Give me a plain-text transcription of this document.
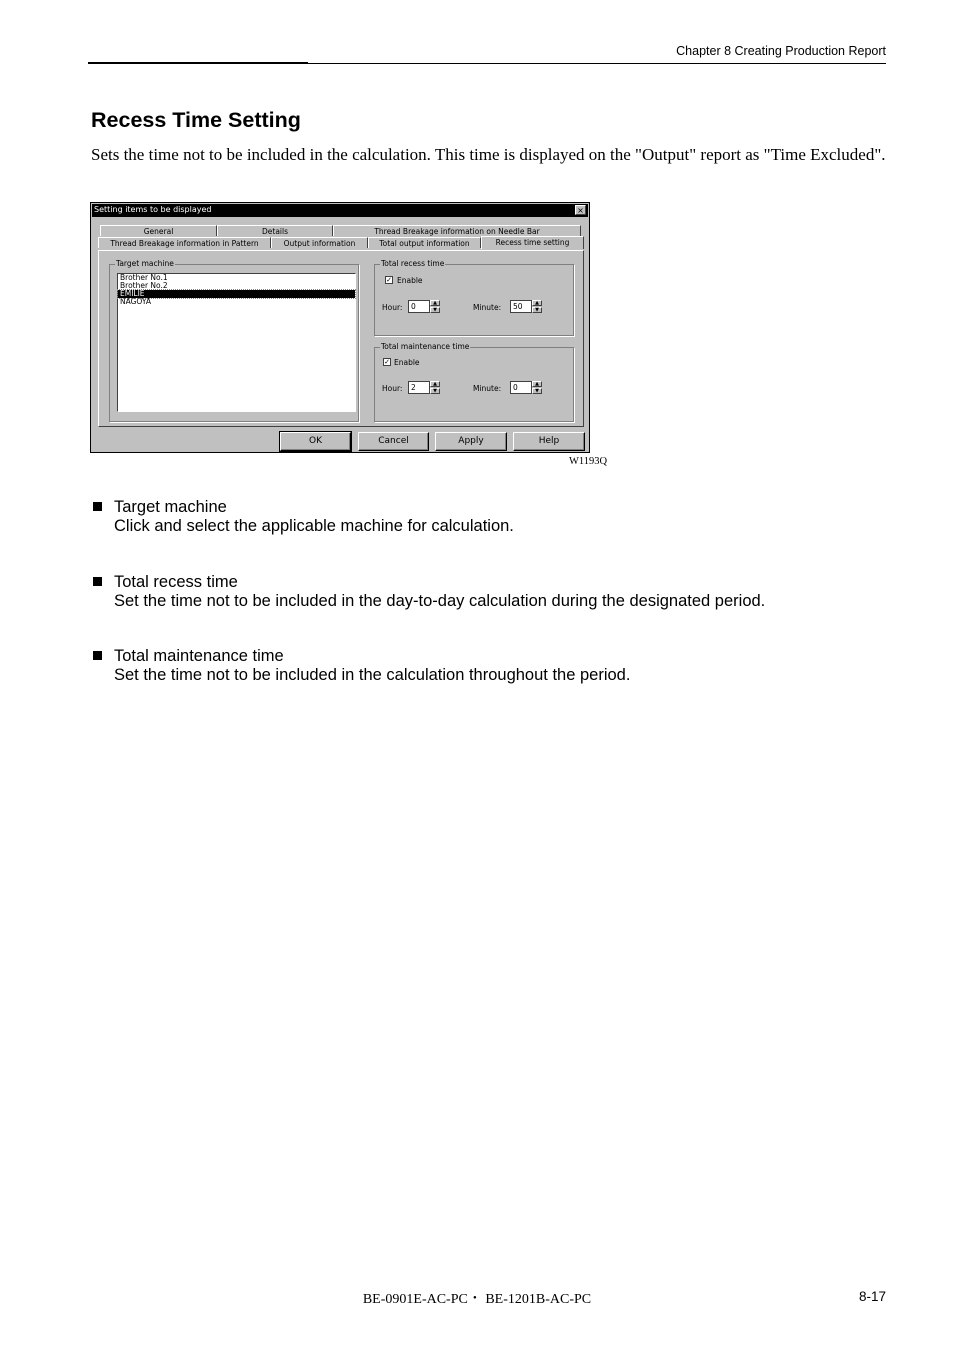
Chapter 8 Creating Production Report
Recess Time Setting

Sets the time not to be included in the calculation. This time is displayed on the "Output" report as "Time Excluded".

Setting items to be displayed	×
General	Details	Thread Breakage information on Needle Bar
Thread Breakage information in Pattern	Output information	Total output information	Recess time setting
Target machine
Brother No.1
Brother No.2
EMILIE
NAGOYA
Total recess time
✓ Enable
Hour:	0	▲
▼	Minute:	50	▲
▼
Total maintenance time
✓ Enable
Hour:	2	▲
▼	Minute:	0	▲
▼
OK	Cancel	Apply	Help
W1193Q
Target machine
Click and select the applicable machine for calculation.
Total recess time
Set the time not to be included in the day-to-day calculation during the designated period.
Total maintenance time
Set the time not to be included in the calculation throughout the period.
BE-0901E-AC-PC・ BE-1201B-AC-PC	8-17
